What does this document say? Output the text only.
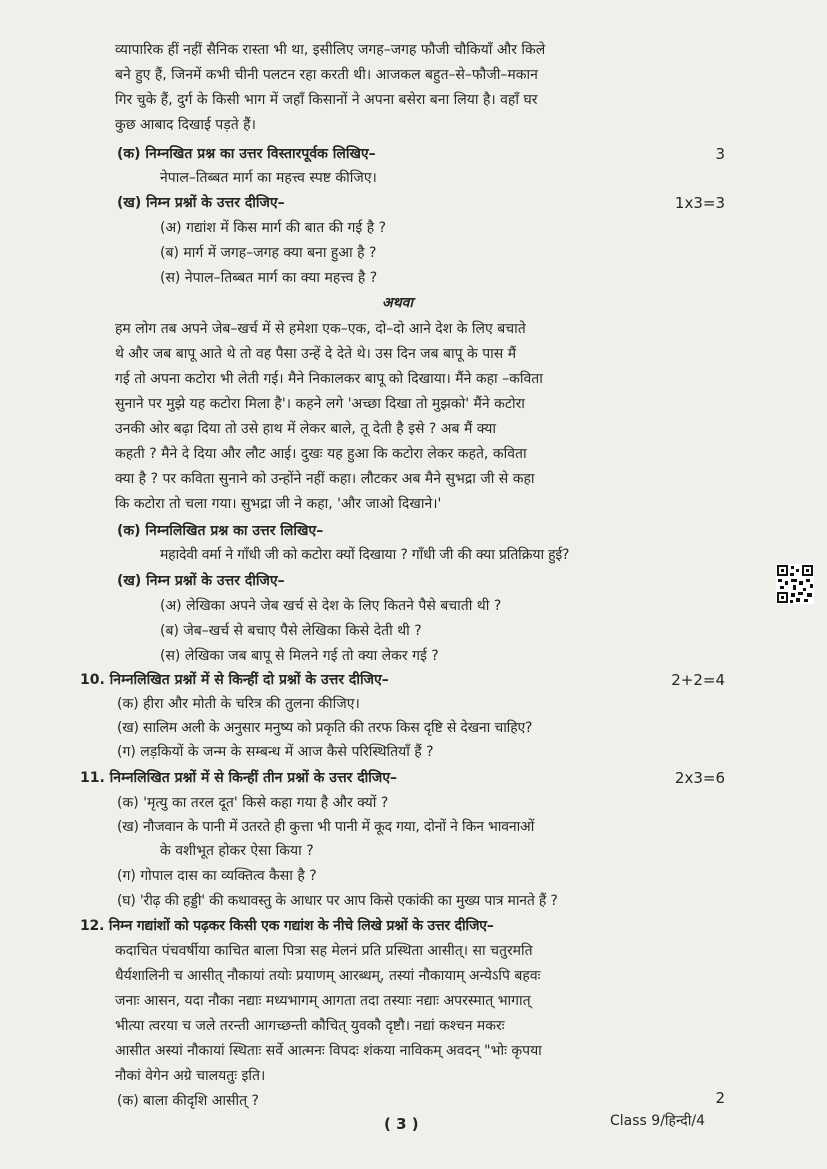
व्यापारिक हीं नहीं सैनिक रास्ता भी था, इसीलिए जगह–जगह फौजी चौकियाँ और किले
बने हुए हैं, जिनमें कभी चीनी पलटन रहा करती थी। आजकल बहुत–से–फौजी–मकान
गिर चुके हैं, दुर्ग के किसी भाग में जहाँ किसानों ने अपना बसेरा बना लिया है। वहाँ घर
कुछ आबाद दिखाई पड़ते हैं।
(क) निम्नखित प्रश्न का उत्तर विस्तारपूर्वक लिखिए–	3
नेपाल–तिब्बत मार्ग का महत्त्व स्पष्ट कीजिए।
(ख) निम्न प्रश्नों के उत्तर दीजिए–	1x3=3
(अ) गद्यांश में किस मार्ग की बात की गई है ?
(ब) मार्ग में जगह–जगह क्या बना हुआ है ?
(स) नेपाल–तिब्बत मार्ग का क्या महत्त्व है ?
अथवा
हम लोग तब अपने जेब–खर्च में से हमेशा एक–एक, दो–दो आने देश के लिए बचाते
थे और जब बापू आते थे तो वह पैसा उन्हें दे देते थे। उस दिन जब बापू के पास मैं
गई तो अपना कटोरा भी लेती गई। मैने निकालकर बापू को दिखाया। मैंने कहा –कविता
सुनाने पर मुझे यह कटोरा मिला है'। कहने लगे 'अच्छा दिखा तो मुझको' मैंने कटोरा
उनकी ओर बढ़ा दिया तो उसे हाथ में लेकर बाले, तू देती है इसे ? अब मैं क्या
कहती ? मैने दे दिया और लौट आई। दुखः यह हुआ कि कटोरा लेकर कहते, कविता
क्या है ? पर कविता सुनाने को उन्होंने नहीं कहा। लौटकर अब मैने सुभद्रा जी से कहा
कि कटोरा तो चला गया। सुभद्रा जी ने कहा, 'और जाओ दिखाने।'
(क) निम्नलिखित प्रश्न का उत्तर लिखिए–
महादेवी वर्मा ने गाँधी जी को कटोरा क्यों दिखाया ? गाँधी जी की क्या प्रतिक्रिया हुई?
(ख) निम्न प्रश्नों के उत्तर दीजिए–
(अ) लेखिका अपने जेब खर्च से देश के लिए कितने पैसे बचाती थी ?
(ब) जेब–खर्च से बचाए पैसे लेखिका किसे देती थी ?
(स) लेखिका जब बापू से मिलने गई तो क्या लेकर गई ?
10. निम्नलिखित प्रश्नों में से किन्हीं दो प्रश्नों के उत्तर दीजिए–	2+2=4
(क) हीरा और मोती के चरित्र की तुलना कीजिए।
(ख) सालिम अली के अनुसार मनुष्य को प्रकृति की तरफ किस दृष्टि से देखना चाहिए?
(ग) लड़कियों के जन्म के सम्बन्ध में आज कैसे परिस्थितियाँ हैं ?
11. निम्नलिखित प्रश्नों में से किन्हीं तीन प्रश्नों के उत्तर दीजिए–	2x3=6
(क) 'मृत्यु का तरल दूत' किसे कहा गया है और क्यों ?
(ख) नौजवान के पानी में उतरते ही कुत्ता भी पानी में कूद गया, दोनों ने किन भावनाओं
के वशीभूत होकर ऐसा किया ?
(ग) गोपाल दास का व्यक्तित्व कैसा है ?
(घ) 'रीढ़ की हड्डी' की कथावस्तु के आधार पर आप किसे एकांकी का मुख्य पात्र मानते हैं ?
12. निम्न गद्यांशों को पढ़कर किसी एक गद्यांश के नीचे लिखे प्रश्नों के उत्तर दीजिए–
कदाचित पंचवर्षीया काचित बाला पित्रा सह मेलनं प्रति प्रस्थिता आसीत्। सा चतुरमति
धैर्यशालिनी च आसीत् नौकायां तयोः प्रयाणम् आरब्धम्, तस्यां नौकायाम् अन्येऽपि बहवः
जनाः आसन, यदा नौका नद्याः मध्यभागम् आगता तदा तस्याः नद्याः अपरस्मात् भागात्
भीत्या त्वरया च जले तरन्ती आगच्छन्ती कौचित् युवकौ दृष्टौ। नद्यां कश्चन मकरः
आसीत अस्यां नौकायां स्थिताः सर्वे आत्मनः विपदः शंकया नाविकम् अवदन् "भोः कृपया
नौकां वेगेन अग्रे चालयतुः इति।
(क) बाला कीदृशि आसीत् ?	2
( 3 )	Class 9/हिन्दी/4
